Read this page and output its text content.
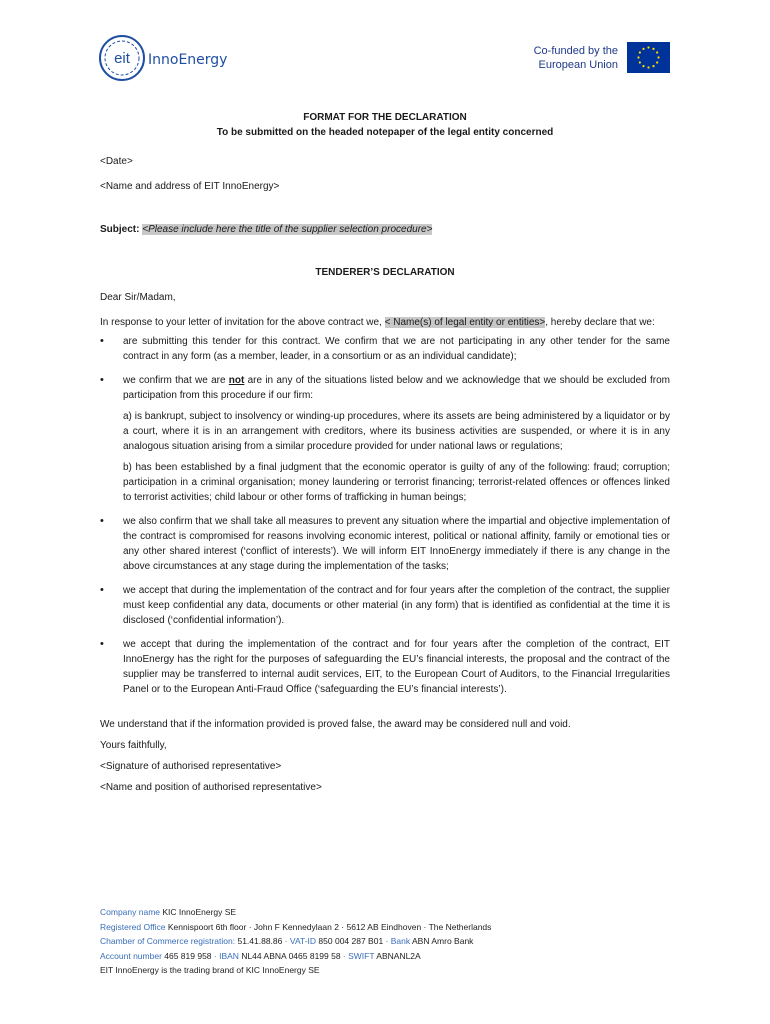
eit InnoEnergy
Co-funded by the
European Union

FORMAT FOR THE DECLARATION

To be submitted on the headed notepaper of the legal entity concerned

<Date>

<Name and address of EIT InnoEnergy>

Subject: <Please include here the title of the supplier selection procedure>

TENDERER’S DECLARATION

Dear Sir/Madam,

In response to your letter of invitation for the above contract we, < Name(s) of legal entity or entities>, hereby declare that we:

• are submitting this tender for this contract. We confirm that we are not participating in any other tender for the same contract in any form (as a member, leader, in a consortium or as an individual candidate);
• we confirm that we are not are in any of the situations listed below and we acknowledge that we should be excluded from participation from this procedure if our firm:
a) is bankrupt, subject to insolvency or winding-up procedures, where its assets are being administered by a liquidator or by a court, where it is in an arrangement with creditors, where its business activities are suspended, or where it is in any analogous situation arising from a similar procedure provided for under national laws or regulations;
b) has been established by a final judgment that the economic operator is guilty of any of the following: fraud; corruption; participation in a criminal organisation; money laundering or terrorist financing; terrorist-related offences or offences linked to terrorist activities; child labour or other forms of trafficking in human beings;
• we also confirm that we shall take all measures to prevent any situation where the impartial and objective implementation of the contract is compromised for reasons involving economic interest, political or national affinity, family or emotional ties or any other shared interest (‘conflict of interests’). We will inform EIT InnoEnergy immediately if there is any change in the above circumstances at any stage during the implementation of the tasks;
• we accept that during the implementation of the contract and for four years after the completion of the contract, the supplier must keep confidential any data, documents or other material (in any form) that is identified as confidential at the time it is disclosed (‘confidential information’).
• we accept that during the implementation of the contract and for four years after the completion of the contract, EIT InnoEnergy has the right for the purposes of safeguarding the EU’s financial interests, the proposal and the contract of the supplier may be transferred to internal audit services, EIT, to the European Court of Auditors, to the Financial Irregularities Panel or to the European Anti-Fraud Office (‘safeguarding the EU’s financial interests’).

We understand that if the information provided is proved false, the award may be considered null and void.

Yours faithfully,

<Signature of authorised representative>

<Name and position of authorised representative>

Company name KIC InnoEnergy SE
Registered Office Kennispoort 6th floor · John F Kennedylaan 2 · 5612 AB Eindhoven · The Netherlands
Chamber of Commerce registration: 51.41.88.86 · VAT-ID 850 004 287 B01 · Bank ABN Amro Bank
Account number 465 819 958 · IBAN NL44 ABNA 0465 8199 58 · SWIFT ABNANL2A
EIT InnoEnergy is the trading brand of KIC InnoEnergy SE
